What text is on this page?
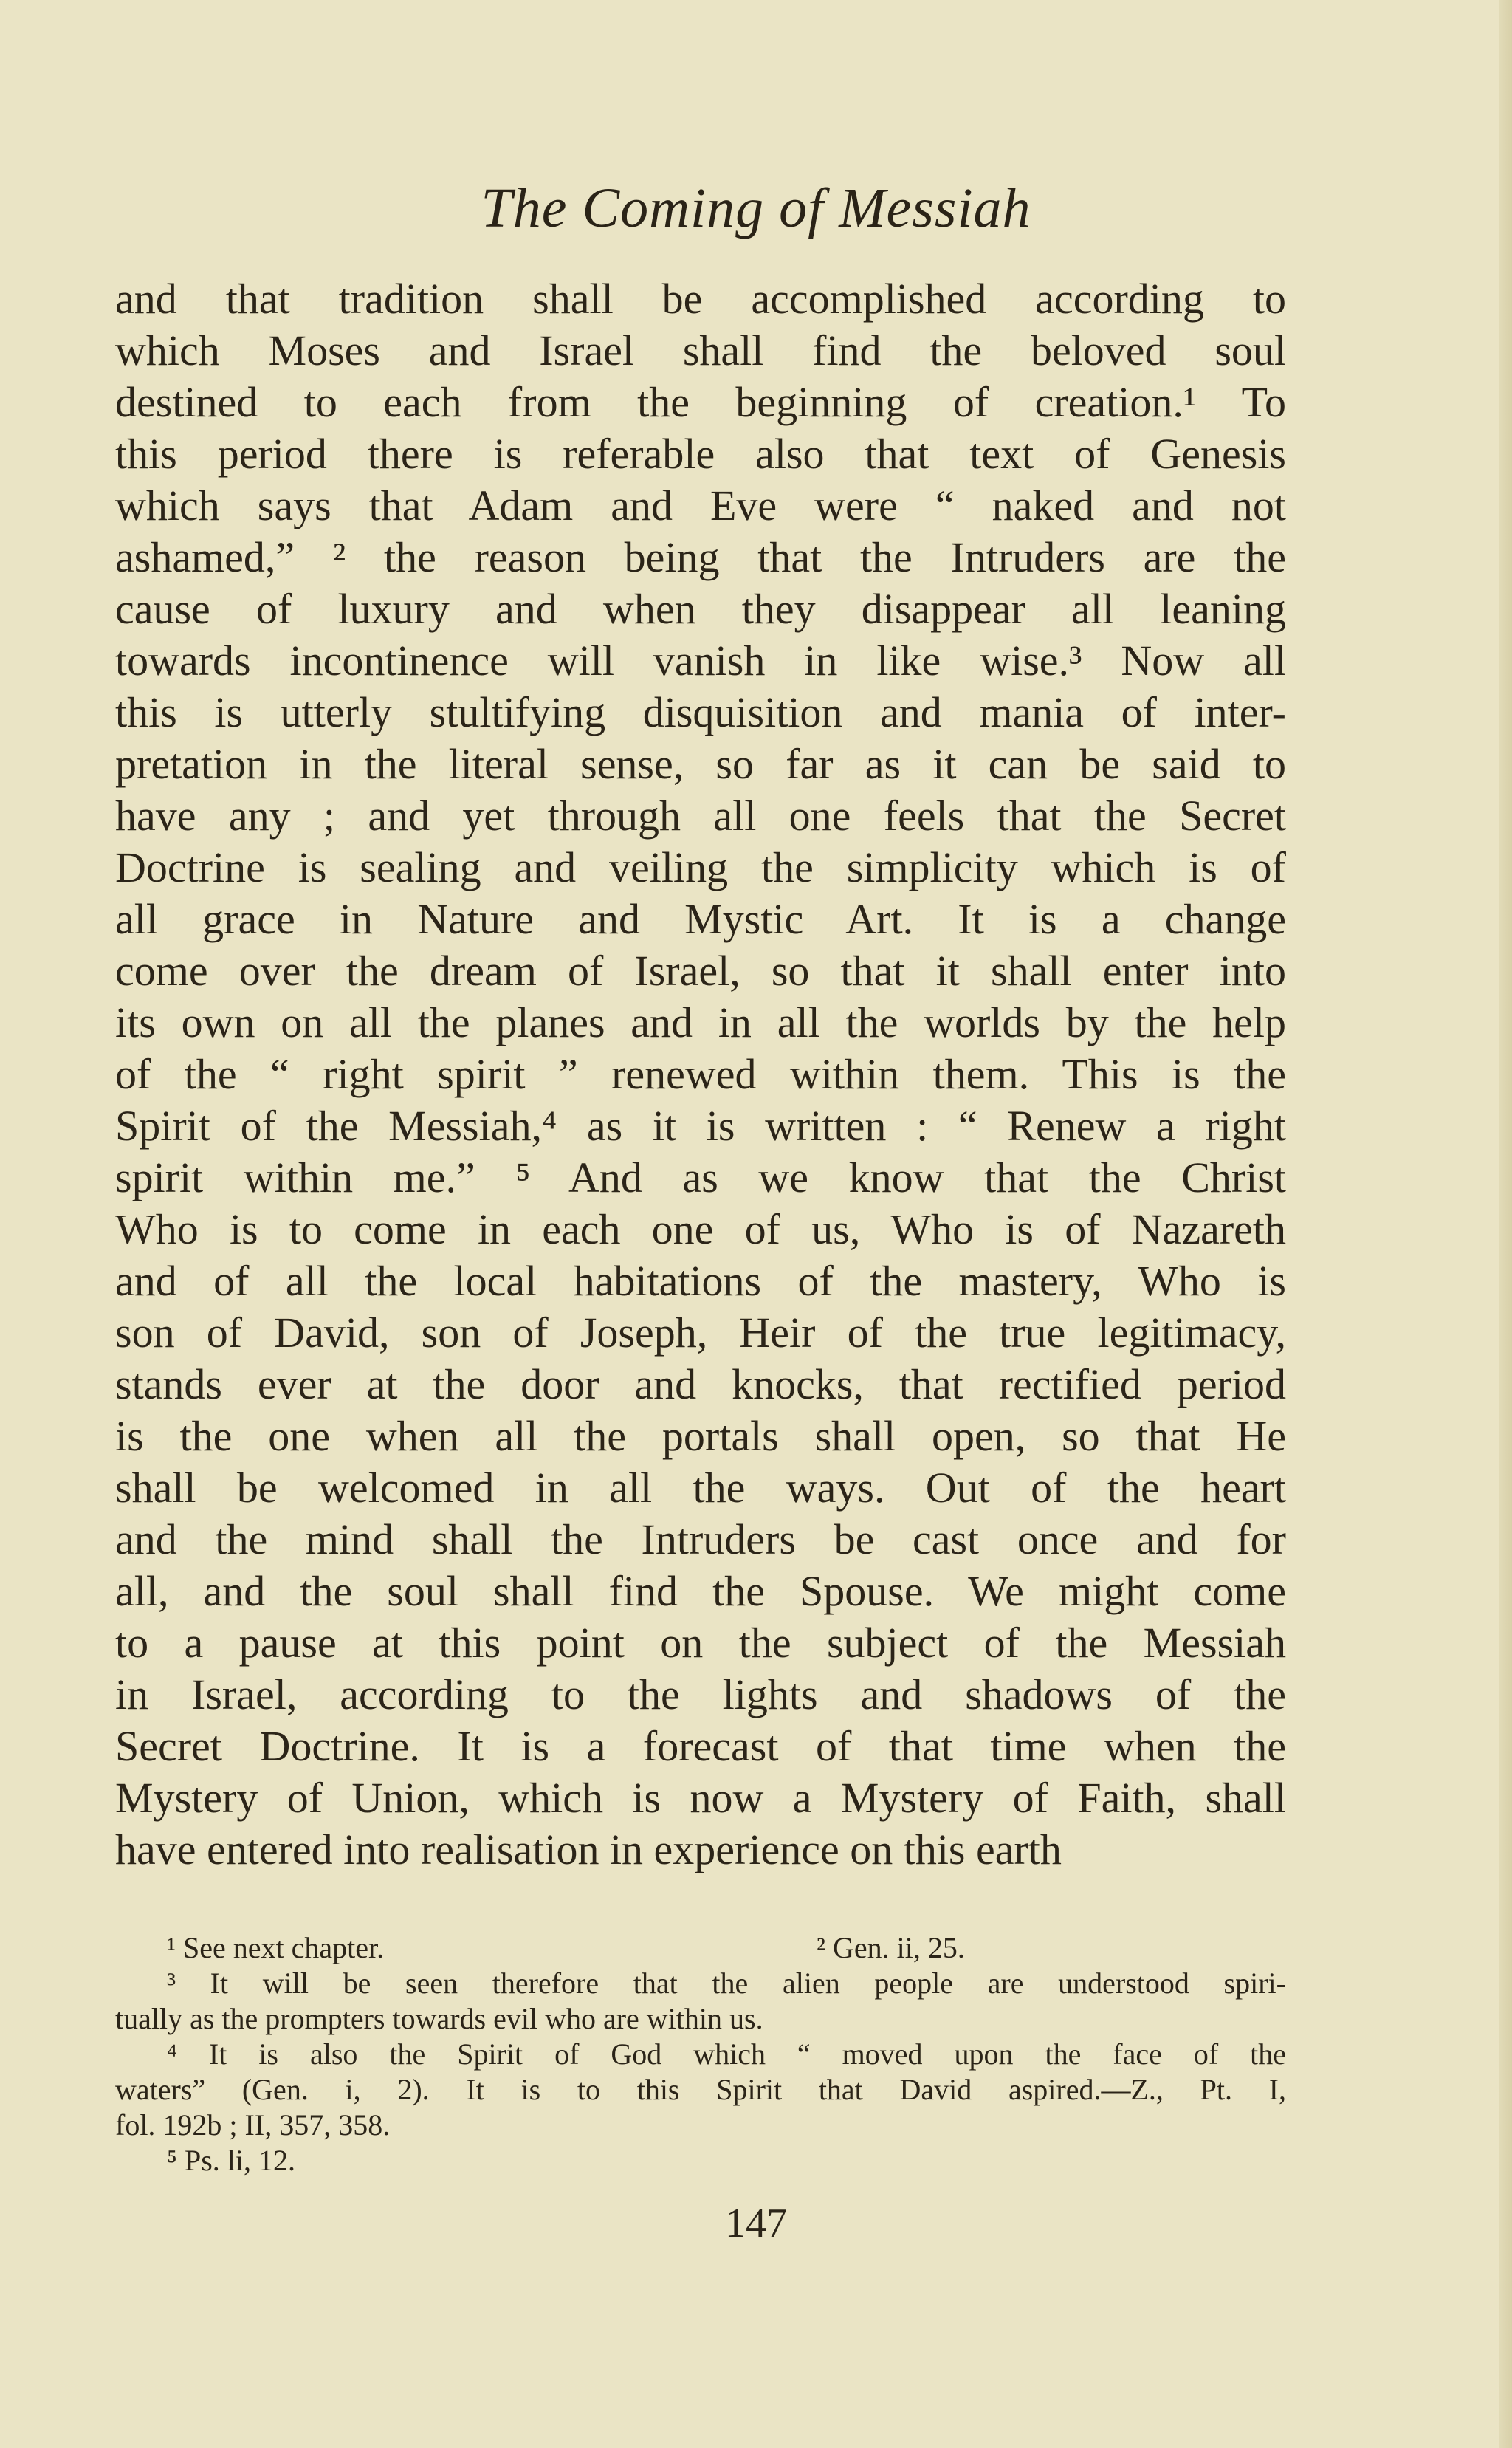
The Coming of Messiah
and that tradition shall be accomplished according to
which Moses and Israel shall find the beloved soul
destined to each from the beginning of creation.¹ To
this period there is referable also that text of Genesis
which says that Adam and Eve were “ naked and not
ashamed,” ² the reason being that the Intruders are the
cause of luxury and when they disappear all leaning
towards incontinence will vanish in like wise.³ Now all
this is utterly stultifying disquisition and mania of inter-
pretation in the literal sense, so far as it can be said to
have any ; and yet through all one feels that the Secret
Doctrine is sealing and veiling the simplicity which is of
all grace in Nature and Mystic Art. It is a change
come over the dream of Israel, so that it shall enter into
its own on all the planes and in all the worlds by the help
of the “ right spirit ” renewed within them. This is the
Spirit of the Messiah,⁴ as it is written : “ Renew a right
spirit within me.” ⁵ And as we know that the Christ
Who is to come in each one of us, Who is of Nazareth
and of all the local habitations of the mastery, Who is
son of David, son of Joseph, Heir of the true legitimacy,
stands ever at the door and knocks, that rectified period
is the one when all the portals shall open, so that He
shall be welcomed in all the ways. Out of the heart
and the mind shall the Intruders be cast once and for
all, and the soul shall find the Spouse. We might come
to a pause at this point on the subject of the Messiah
in Israel, according to the lights and shadows of the
Secret Doctrine. It is a forecast of that time when the
Mystery of Union, which is now a Mystery of Faith, shall
have entered into realisation in experience on this earth
¹ See next chapter.	² Gen. ii, 25.
³ It will be seen therefore that the alien people are understood spiri-
tually as the prompters towards evil who are within us.
⁴ It is also the Spirit of God which “ moved upon the face of the
waters” (Gen. i, 2). It is to this Spirit that David aspired.—Z., Pt. I,
fol. 192b ; II, 357, 358.
⁵ Ps. li, 12.
147
